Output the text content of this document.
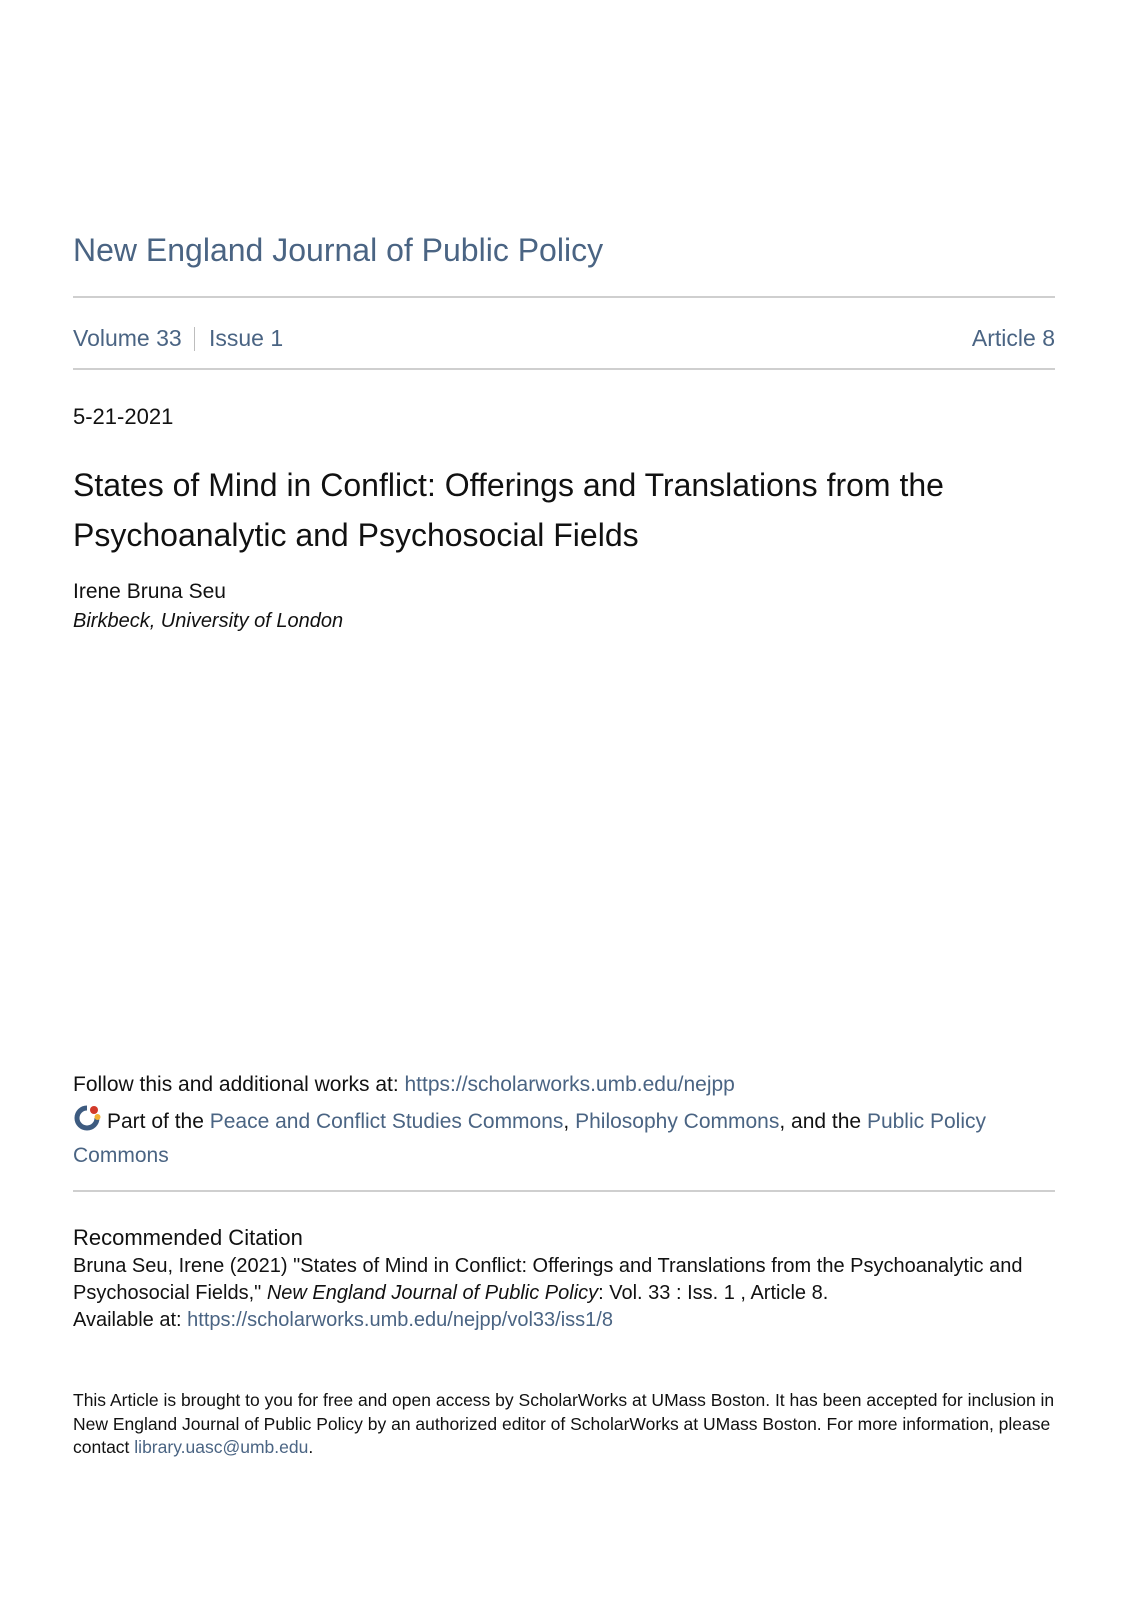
New England Journal of Public Policy
Volume 33 Issue 1	Article 8
5-21-2021
States of Mind in Conflict: Offerings and Translations from the Psychoanalytic and Psychosocial Fields
Irene Bruna Seu
Birkbeck, University of London
Follow this and additional works at: https://scholarworks.umb.edu/nejpp
Part of the Peace and Conflict Studies Commons, Philosophy Commons, and the Public Policy Commons
Recommended Citation
Bruna Seu, Irene (2021) "States of Mind in Conflict: Offerings and Translations from the Psychoanalytic and Psychosocial Fields," New England Journal of Public Policy: Vol. 33 : Iss. 1 , Article 8.
Available at: https://scholarworks.umb.edu/nejpp/vol33/iss1/8
This Article is brought to you for free and open access by ScholarWorks at UMass Boston. It has been accepted for inclusion in New England Journal of Public Policy by an authorized editor of ScholarWorks at UMass Boston. For more information, please contact library.uasc@umb.edu.
